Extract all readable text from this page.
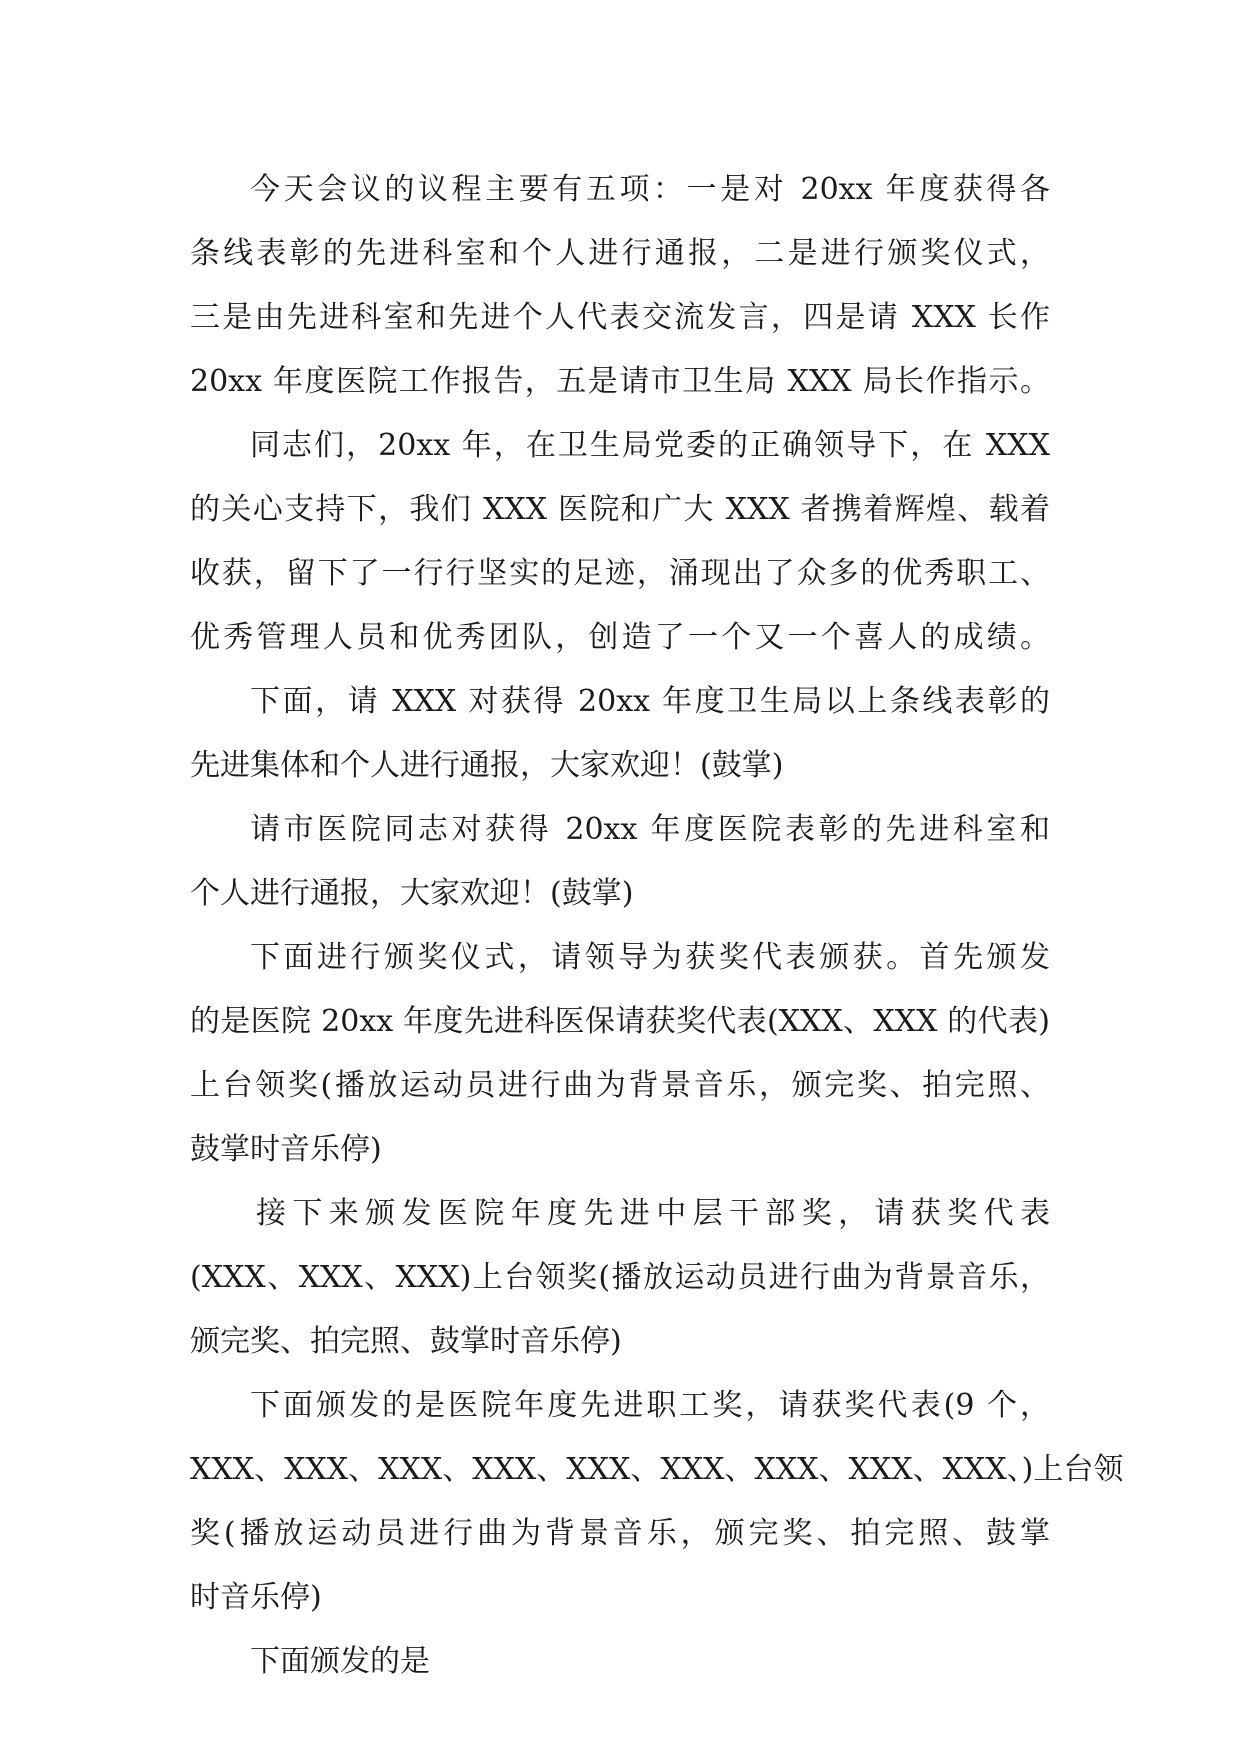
今天会议的议程主要有五项：一是对 20xx 年度获得各
条线表彰的先进科室和个人进行通报，二是进行颁奖仪式，
三是由先进科室和先进个人代表交流发言，四是请 XXX 长作
20xx 年度医院工作报告，五是请市卫生局 XXX 局长作指示。
同志们，20xx 年，在卫生局党委的正确领导下，在 XXX
的关心支持下，我们 XXX 医院和广大 XXX 者携着辉煌、载着
收获，留下了一行行坚实的足迹，涌现出了众多的优秀职工、
优秀管理人员和优秀团队，创造了一个又一个喜人的成绩。
下面，请 XXX 对获得 20xx 年度卫生局以上条线表彰的
先进集体和个人进行通报，大家欢迎！(鼓掌)
请市医院同志对获得 20xx 年度医院表彰的先进科室和
个人进行通报，大家欢迎！(鼓掌)
下面进行颁奖仪式，请领导为获奖代表颁获。首先颁发
的是医院 20xx 年度先进科医保请获奖代表(XXX、XXX 的代表)
上台领奖(播放运动员进行曲为背景音乐，颁完奖、拍完照、
鼓掌时音乐停)
接下来颁发医院年度先进中层干部奖，请获奖代表
(XXX、XXX、XXX)上台领奖(播放运动员进行曲为背景音乐，
颁完奖、拍完照、鼓掌时音乐停)
下面颁发的是医院年度先进职工奖，请获奖代表(9 个，
XXX、XXX、XXX、XXX、XXX、XXX、XXX、XXX、XXX、)上台领
奖(播放运动员进行曲为背景音乐，颁完奖、拍完照、鼓掌
时音乐停)
下面颁发的是
